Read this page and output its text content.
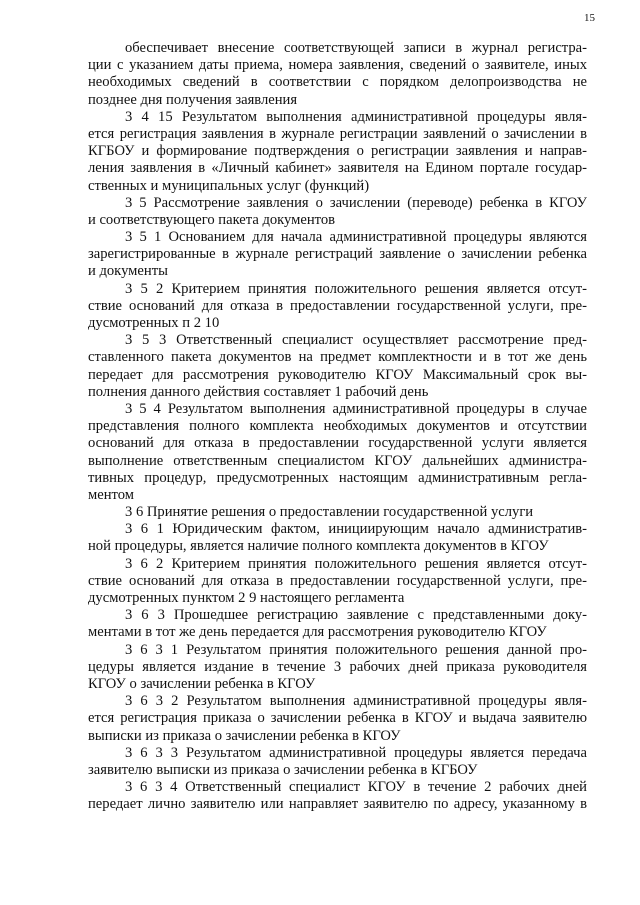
15
обеспечивает внесение соответствующей записи в журнал регистра-
ции с указанием даты приема, номера заявления, сведений о заявителе, иных
необходимых сведений в соответствии с порядком делопроизводства не
позднее дня получения заявления
3 4 15 Результатом выполнения административной процедуры явля-
ется регистрация заявления в журнале регистрации заявлений о зачислении в
КГБОУ и формирование подтверждения о регистрации заявления и направ-
ления заявления в «Личный кабинет» заявителя на Едином портале государ-
ственных и муниципальных услуг (функций)
3 5 Рассмотрение заявления о зачислении (переводе) ребенка в КГОУ
и соответствующего пакета документов
3 5 1 Основанием для начала административной процедуры являются
зарегистрированные в журнале регистраций заявление о зачислении ребенка
и документы
3 5 2 Критерием принятия положительного решения является отсут-
ствие оснований для отказа в предоставлении государственной услуги, пре-
дусмотренных п 2 10
3 5 3 Ответственный специалист осуществляет рассмотрение пред-
ставленного пакета документов на предмет комплектности и в тот же день
передает для рассмотрения руководителю КГОУ Максимальный срок вы-
полнения данного действия составляет 1 рабочий день
3 5 4 Результатом выполнения административной процедуры в случае
представления полного комплекта необходимых документов и отсутствии
оснований для отказа в предоставлении государственной услуги является
выполнение ответственным специалистом КГОУ дальнейших администра-
тивных процедур, предусмотренных настоящим административным регла-
ментом
3 6 Принятие решения о предоставлении государственной услуги
3 6 1 Юридическим фактом, инициирующим начало административ-
ной процедуры, является наличие полного комплекта документов в КГОУ
3 6 2 Критерием принятия положительного решения является отсут-
ствие оснований для отказа в предоставлении государственной услуги, пре-
дусмотренных пунктом 2 9 настоящего регламента
3 6 3 Прошедшее регистрацию заявление с представленными доку-
ментами в тот же день передается для рассмотрения руководителю КГОУ
3 6 3 1 Результатом принятия положительного решения данной про-
цедуры является издание в течение 3 рабочих дней приказа руководителя
КГОУ о зачислении ребенка в КГОУ
3 6 3 2 Результатом выполнения административной процедуры явля-
ется регистрация приказа о зачислении ребенка в КГОУ и выдача заявителю
выписки из приказа о зачислении ребенка в КГОУ
3 6 3 3 Результатом административной процедуры является передача
заявителю выписки из приказа о зачислении ребенка в КГБОУ
3 6 3 4 Ответственный специалист КГОУ в течение 2 рабочих дней
передает лично заявителю или направляет заявителю по адресу, указанному в
